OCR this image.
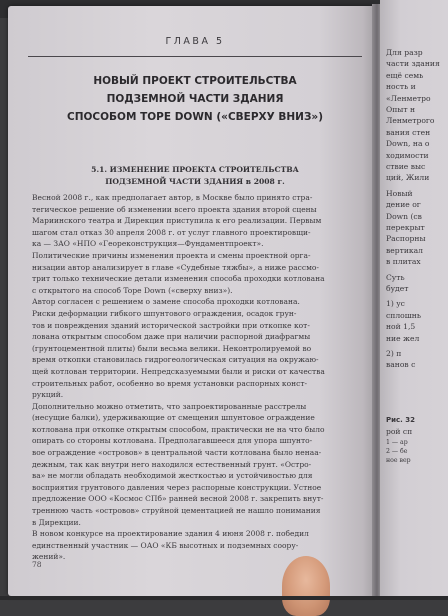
ГЛАВА 5
НОВЫЙ ПРОЕКТ СТРОИТЕЛЬСТВА
ПОДЗЕМНОЙ ЧАСТИ ЗДАНИЯ
СПОСОБОМ TOPE DOWN («СВЕРХУ ВНИЗ»)
5.1. ИЗМЕНЕНИЕ ПРОЕКТА СТРОИТЕЛЬСТВА
ПОДЗЕМНОЙ ЧАСТИ ЗДАНИЯ в 2008 г.
Весной 2008 г., как предполагает автор, в Москве было принято стра-
тегическое решение об изменении всего проекта здания второй сцены
Мариинского театра и Дирекция приступила к его реализации. Первым
шагом стал отказ 30 апреля 2008 г. от услуг главного проектировщи-
ка — ЗАО «НПО «Геореконструкция—Фундаментпроект».
Политические причины изменения проекта и смены проектной орга-
низации автор анализирует в главе «Судебные тяжбы», а ниже рассмо-
трит только технические детали изменения способа проходки котлована
с открытого на способ Tope Down («сверху вниз»).
Автор согласен с решением о замене способа проходки котлована.
Риски деформации гибкого шпунтового ограждения, осадок грун-
тов и повреждения зданий исторической застройки при откопке кот-
лована открытым способом даже при наличии распорной диафрагмы
(грунтоцементной плиты) были весьма велики. Неконтролируемой во
время откопки становилась гидрогеологическая ситуация на окружаю-
щей котлован территории. Непредсказуемыми были и риски от качества
строительных работ, особенно во время установки распорных конст-
рукций.
Дополнительно можно отметить, что запроектированные расстрелы
(несущие балки), удерживающие от смещения шпунтовое ограждение
котлована при откопке открытым способом, практически не на что было
опирать со стороны котлована. Предполагавшееся для упора шпунто-
вое ограждение «островов» в центральной части котлована было ненаа-
дежным, так как внутри него находился естественный грунт. «Остро-
ва» не могли обладать необходимой жесткостью и устойчивостью для
восприятия грунтового давления через распорные конструкции. Устное
предложение ООО «Космос СПб» ранней весной 2008 г. закрепить внут-
треннюю часть «островов» струйной цементацией не нашло понимания
в Дирекции.
В новом конкурсе на проектирование здания 4 июня 2008 г. победил
единственный участник — ОАО «КБ высотных и подземных соору-
жений».
78
Для разр
части здания
ещё семь
ность и
«Ленметро
Опыт н
Ленметрого
вания стен
Down, на о
ходимости
ствие выс
ций, Жили
Новый
дение ог
Down (св
перекрыт
Распорны
вертикал
в плитах
Суть
будет
1) ус
сплошнь
ной 1,5
ние жел
2) п
ванов с
Рис. 32
рой сп
1 — ар
2 — бе
ное вер
